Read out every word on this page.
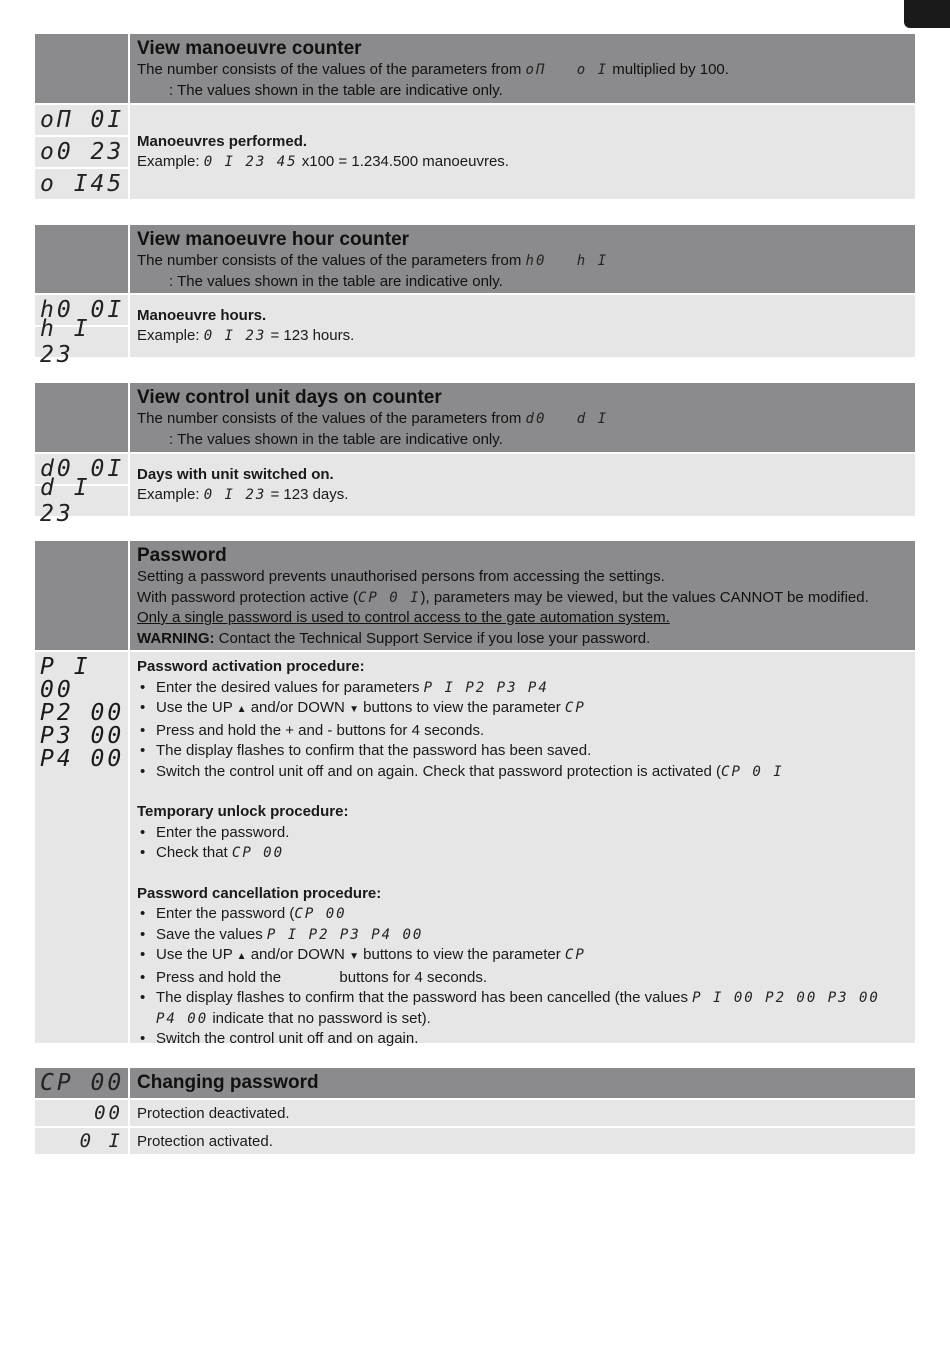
View manoeuvre counter
The number consists of the values of the parameters from oΠ o I multiplied by 100.
: The values shown in the table are indicative only.
oΠ 0I
o0 23
o I45
Manoeuvres performed.
Example: 0 I 23 45 x100 = 1.234.500 manoeuvres.
View manoeuvre hour counter
The number consists of the values of the parameters from h0 h I
: The values shown in the table are indicative only.
h0 0I
h I 23
Manoeuvre hours.
Example: 0 I 23 = 123 hours.
View control unit days on counter
The number consists of the values of the parameters from d0 d I
: The values shown in the table are indicative only.
d0 0I
d I 23
Days with unit switched on.
Example: 0 I 23 = 123 days.
Password
Setting a password prevents unauthorised persons from accessing the settings.
With password protection active (CP 0 I), parameters may be viewed, but the values CANNOT be modified.
Only a single password is used to control access to the gate automation system.
WARNING: Contact the Technical Support Service if you lose your password.
P I 00
P2 00
P3 00
P4 00
Password activation procedure:
• Enter the desired values for parameters P I P2 P3 P4
• Use the UP ▲ and/or DOWN ▼ buttons to view the parameter CP
• Press and hold the + and - buttons for 4 seconds.
• The display flashes to confirm that the password has been saved.
• Switch the control unit off and on again. Check that password protection is activated (CP 0 I
Temporary unlock procedure:
• Enter the password.
• Check that CP 00
Password cancellation procedure:
• Enter the password (CP 00
• Save the values P I P2 P3 P4 00
• Use the UP ▲ and/or DOWN ▼ buttons to view the parameter CP
• Press and hold the              buttons for 4 seconds.
• The display flashes to confirm that the password has been cancelled (the values P I 00 P2 00 P3 00
P4 00 indicate that no password is set).
• Switch the control unit off and on again.
CP 00 Changing password
00 Protection deactivated.
0 I Protection activated.
